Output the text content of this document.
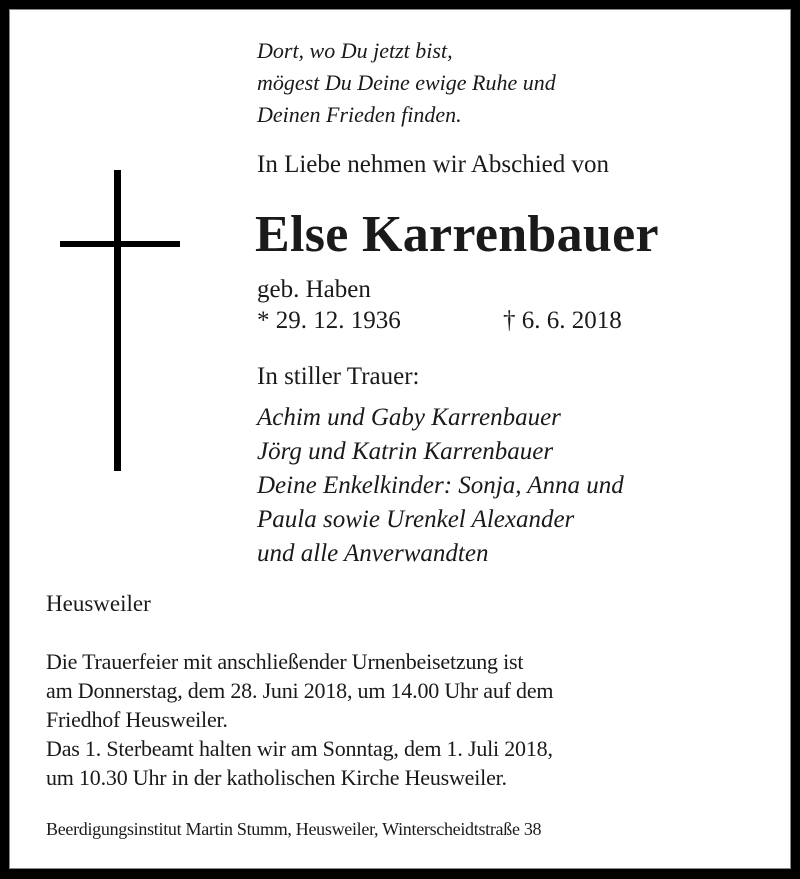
Dort, wo Du jetzt bist,
mögest Du Deine ewige Ruhe und
Deinen Frieden finden.
In Liebe nehmen wir Abschied von
Else Karrenbauer
geb. Haben
* 29. 12. 1936	† 6. 6. 2018
In stiller Trauer:
Achim und Gaby Karrenbauer
Jörg und Katrin Karrenbauer
Deine Enkelkinder: Sonja, Anna und
Paula sowie Urenkel Alexander
und alle Anverwandten
Heusweiler
Die Trauerfeier mit anschließender Urnenbeisetzung ist
am Donnerstag, dem 28. Juni 2018, um 14.00 Uhr auf dem
Friedhof Heusweiler.
Das 1. Sterbeamt halten wir am Sonntag, dem 1. Juli 2018,
um 10.30 Uhr in der katholischen Kirche Heusweiler.
Beerdigungsinstitut Martin Stumm, Heusweiler, Winterscheidtstraße 38
